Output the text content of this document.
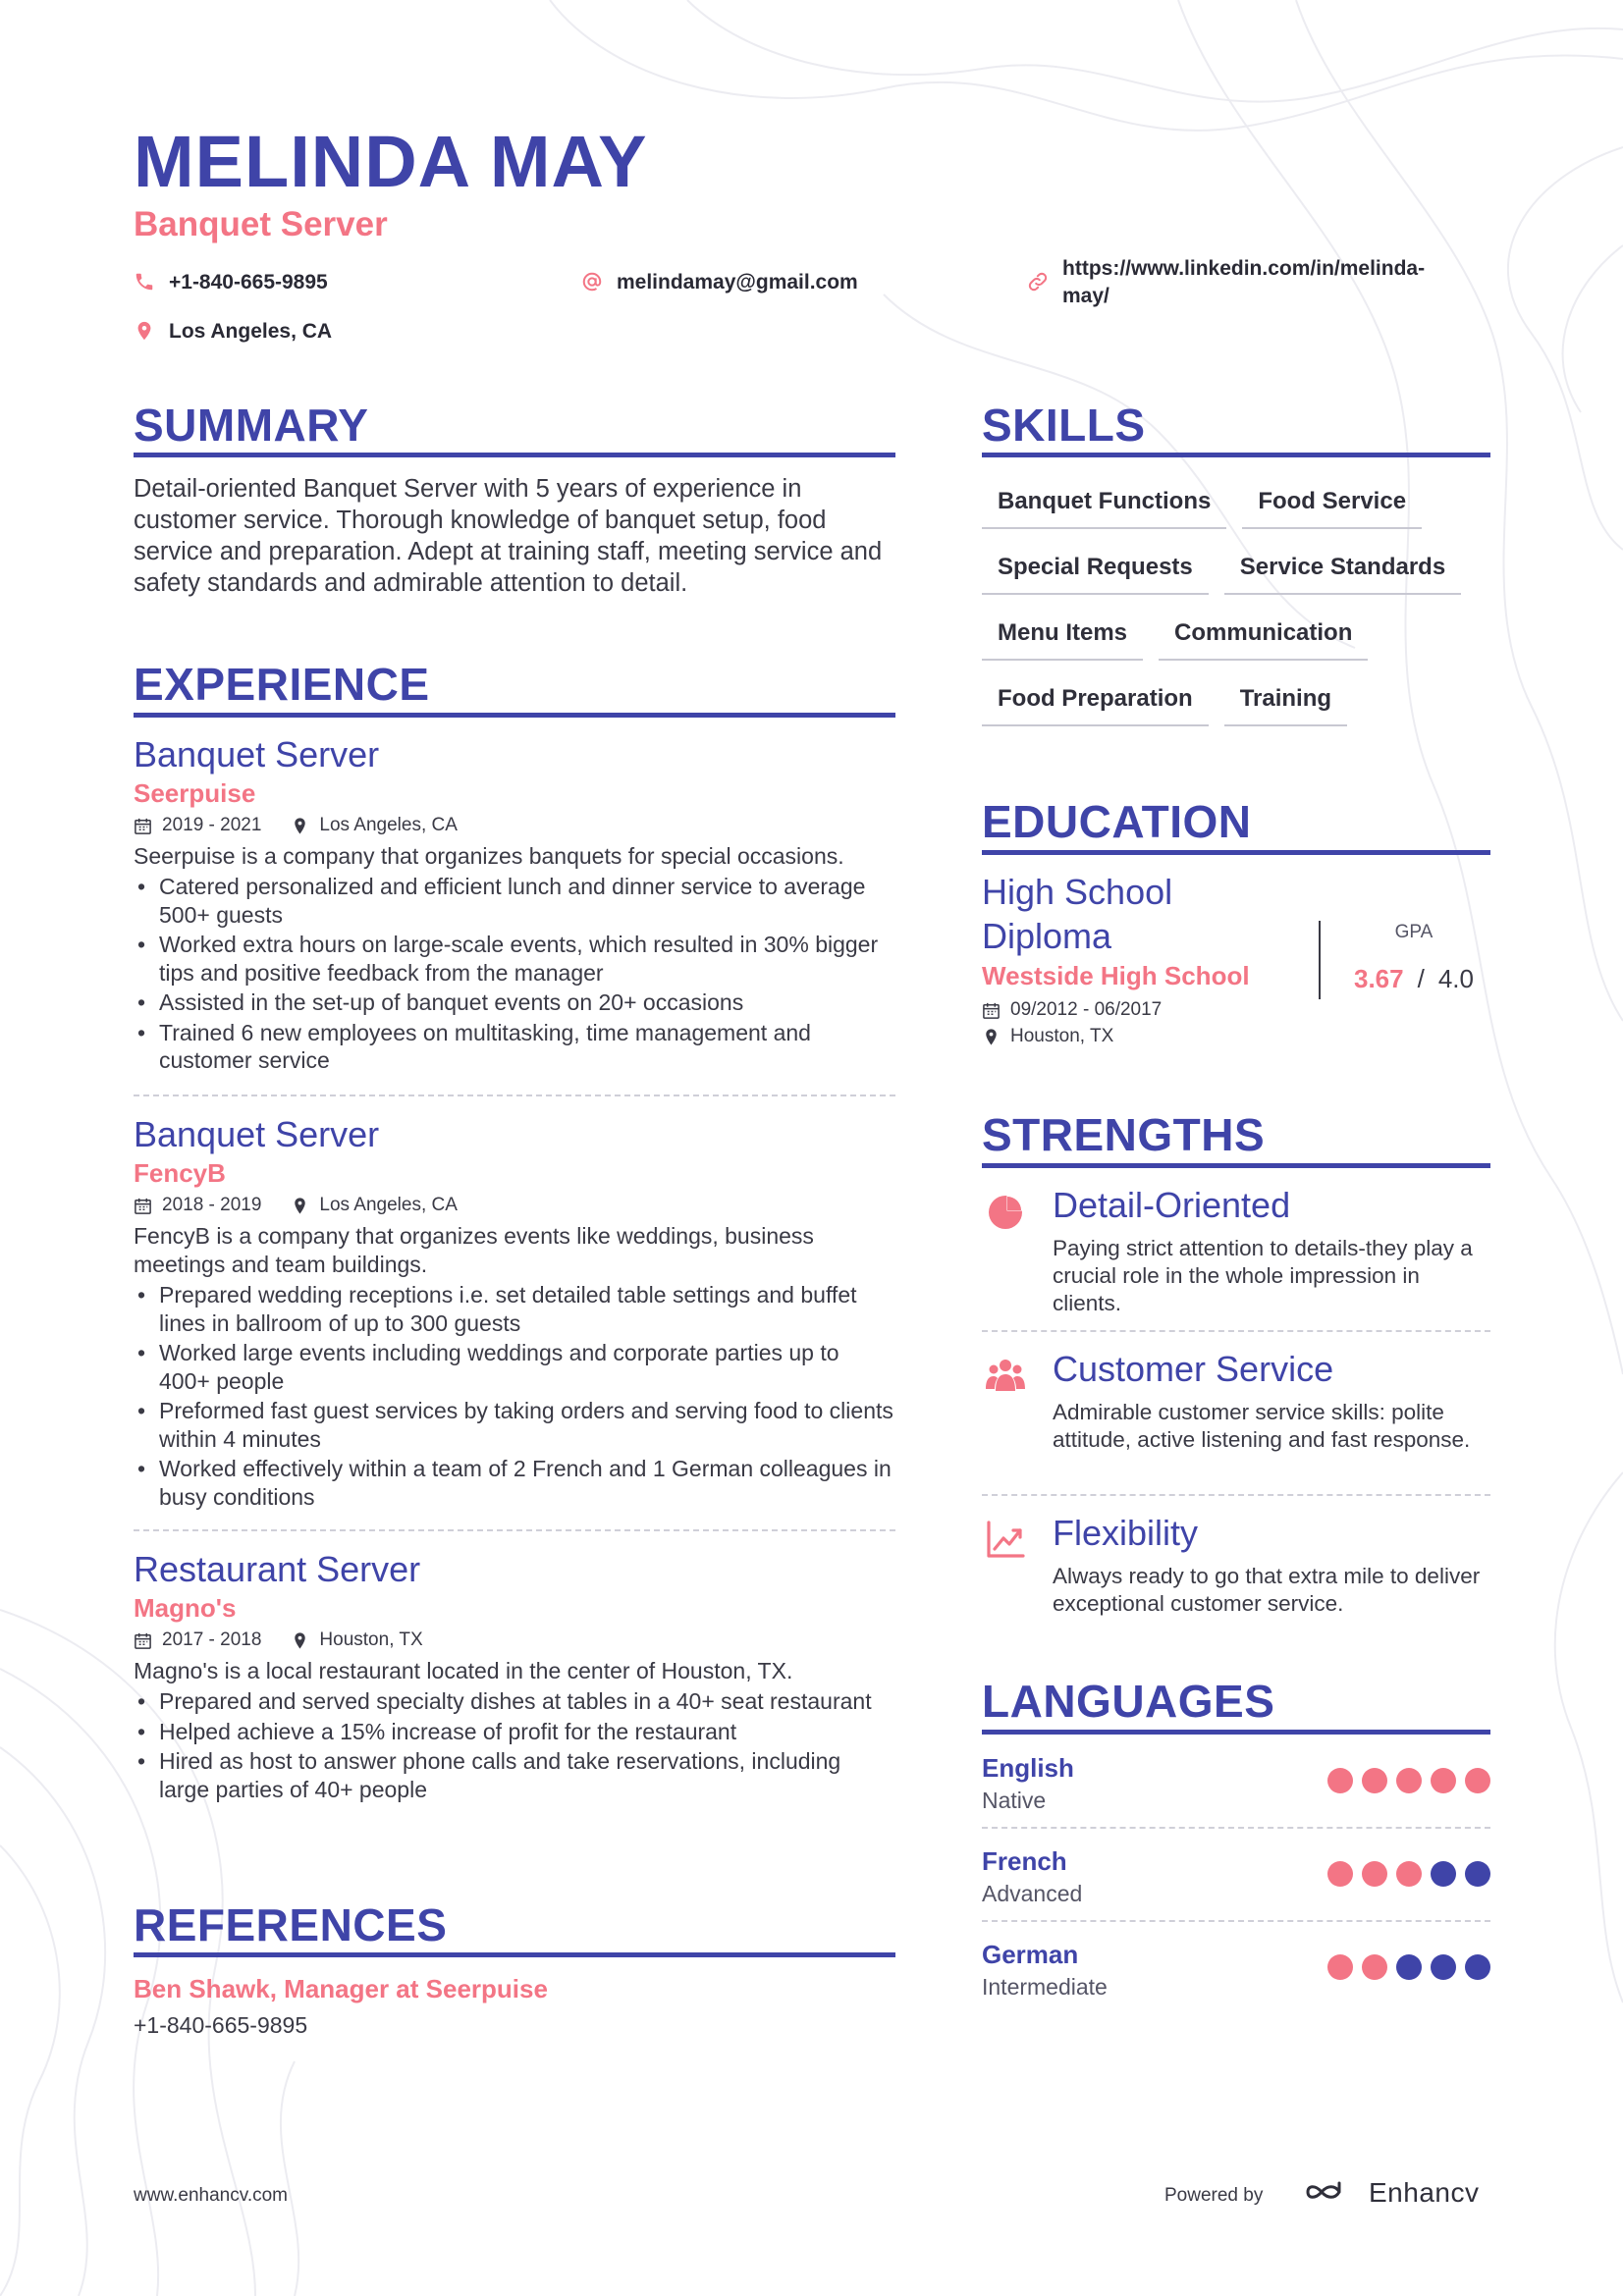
MELINDA MAY
Banquet Server
+1-840-665-9895	melindamay@gmail.com
https://www.linkedin.com/in/melinda-may/
Los Angeles, CA
SUMMARY
Detail-oriented Banquet Server with 5 years of experience in customer service. Thorough knowledge of banquet setup, food service and preparation. Adept at training staff, meeting service and safety standards and admirable attention to detail.
EXPERIENCE
Banquet Server
Seerpuise
2019 - 2021	Los Angeles, CA
Seerpuise is a company that organizes banquets for special occasions.
• Catered personalized and efficient lunch and dinner service to average 500+ guests
• Worked extra hours on large-scale events, which resulted in 30% bigger tips and positive feedback from the manager
• Assisted in the set-up of banquet events on 20+ occasions
• Trained 6 new employees on multitasking, time management and customer service
Banquet Server
FencyB
2018 - 2019	Los Angeles, CA
FencyB is a company that organizes events like weddings, business meetings and team buildings.
• Prepared wedding receptions i.e. set detailed table settings and buffet lines in ballroom of up to 300 guests
• Worked large events including weddings and corporate parties up to 400+ people
• Preformed fast guest services by taking orders and serving food to clients within 4 minutes
• Worked effectively within a team of 2 French and 1 German colleagues in busy conditions
Restaurant Server
Magno's
2017 - 2018	Houston, TX
Magno's is a local restaurant located in the center of Houston, TX.
• Prepared and served specialty dishes at tables in a 40+ seat restaurant
• Helped achieve a 15% increase of profit for the restaurant
• Hired as host to answer phone calls and take reservations, including large parties of 40+ people
REFERENCES
Ben Shawk, Manager at Seerpuise
+1-840-665-9895
SKILLS
Banquet Functions	Food Service
Special Requests	Service Standards
Menu Items	Communication
Food Preparation	Training
EDUCATION
High School Diploma
Westside High School
09/2012 - 06/2017
Houston, TX
GPA
3.67 / 4.0
STRENGTHS
Detail-Oriented
Paying strict attention to details-they play a crucial role in the whole impression in clients.
Customer Service
Admirable customer service skills: polite attitude, active listening and fast response.
Flexibility
Always ready to go that extra mile to deliver exceptional customer service.
LANGUAGES
English
Native
French
Advanced
German
Intermediate
www.enhancv.com	Powered by	Enhancv
